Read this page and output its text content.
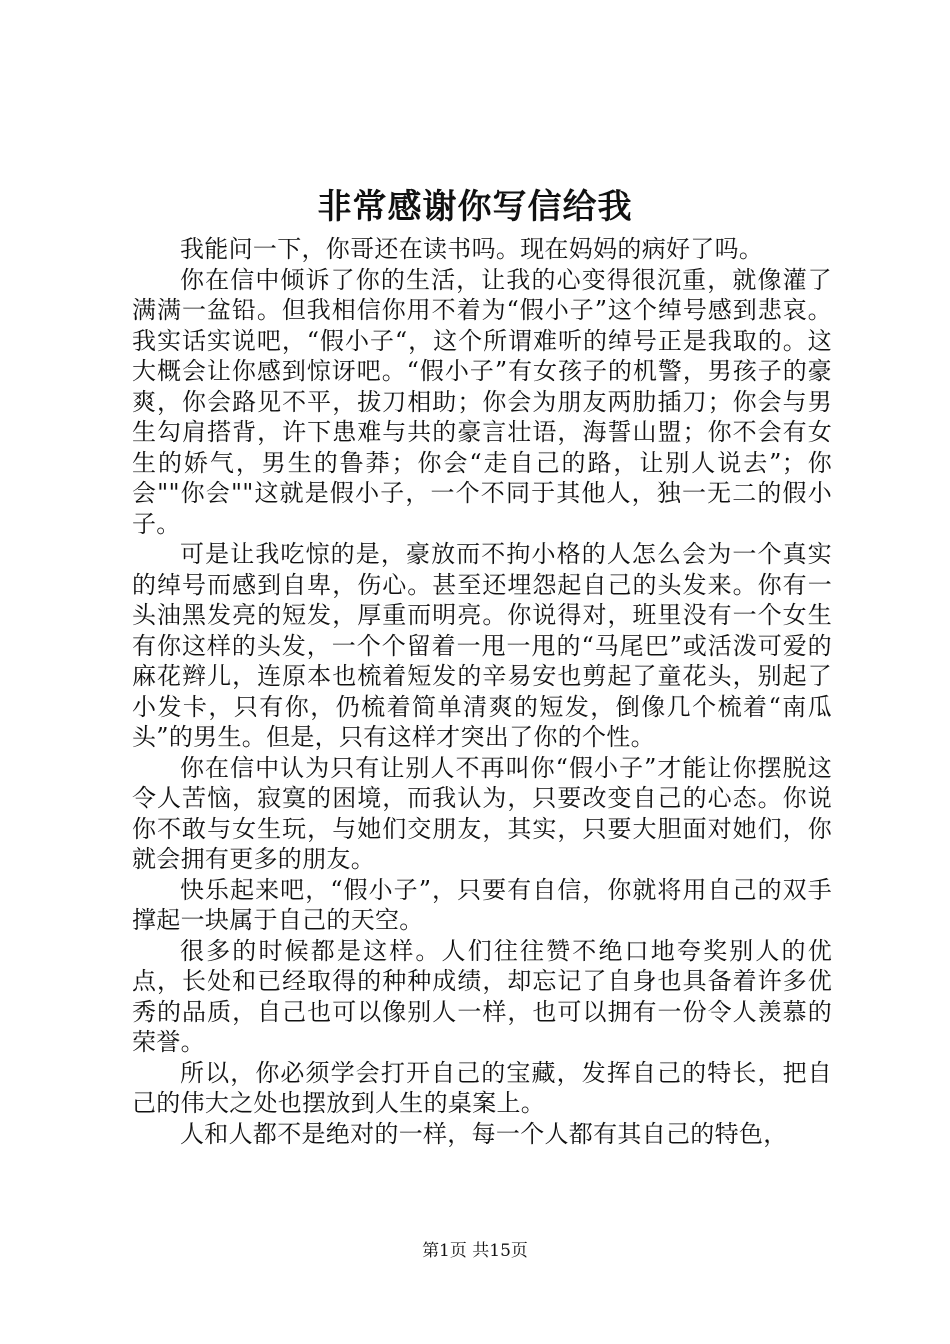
非常感谢你写信给我

我能问一下，你哥还在读书吗。现在妈妈的病好了吗。

你在信中倾诉了你的生活，让我的心变得很沉重，就像灌了满满一盆铅。但我相信你用不着为“假小子”这个绰号感到悲哀。我实话实说吧，“假小子“，这个所谓难听的绰号正是我取的。这大概会让你感到惊讶吧。“假小子”有女孩子的机警，男孩子的豪爽，你会路见不平，拔刀相助；你会为朋友两肋插刀；你会与男生勾肩搭背，许下患难与共的豪言壮语，海誓山盟；你不会有女生的娇气，男生的鲁莽；你会“走自己的路，让别人说去”；你会""你会""这就是假小子，一个不同于其他人，独一无二的假小子。

可是让我吃惊的是，豪放而不拘小格的人怎么会为一个真实的绰号而感到自卑，伤心。甚至还埋怨起自己的头发来。你有一头油黑发亮的短发，厚重而明亮。你说得对，班里没有一个女生有你这样的头发，一个个留着一甩一甩的“马尾巴”或活泼可爱的麻花辫儿，连原本也梳着短发的辛易安也剪起了童花头，别起了小发卡，只有你，仍梳着简单清爽的短发，倒像几个梳着“南瓜头”的男生。但是，只有这样才突出了你的个性。

你在信中认为只有让别人不再叫你“假小子”才能让你摆脱这令人苦恼，寂寞的困境，而我认为，只要改变自己的心态。你说你不敢与女生玩，与她们交朋友，其实，只要大胆面对她们，你就会拥有更多的朋友。

快乐起来吧，“假小子”，只要有自信，你就将用自己的双手撑起一块属于自己的天空。

很多的时候都是这样。人们往往赞不绝口地夸奖别人的优点，长处和已经取得的种种成绩，却忘记了自身也具备着许多优秀的品质，自己也可以像别人一样，也可以拥有一份令人羡慕的荣誉。

所以，你必须学会打开自己的宝藏，发挥自己的特长，把自己的伟大之处也摆放到人生的桌案上。

人和人都不是绝对的一样，每一个人都有其自己的特色，

第1页 共15页
